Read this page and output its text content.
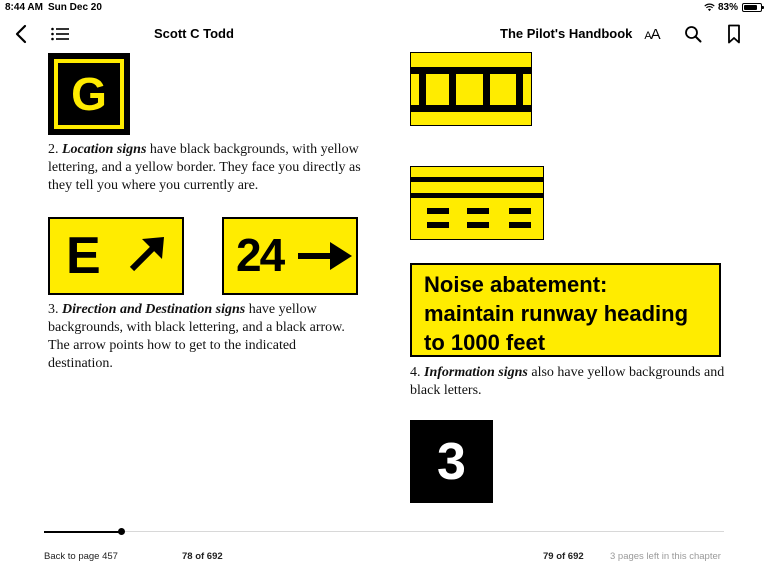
8:44 AM Sun Dec 20	83%
Scott C Todd	The Pilot's Handbook AA
G

2. Location signs have black backgrounds, with yellow lettering, and a yellow border. They face you directly as they tell you where you currently are.

E	24

3. Direction and Destination signs have yellow backgrounds, with black lettering, and a black arrow. The arrow points how to get to the indicated destination.

Noise abatement:
maintain runway heading
to 1000 feet

4. Information signs also have yellow backgrounds and black letters.

3
Back to page 457	78 of 692	79 of 692	3 pages left in this chapter
